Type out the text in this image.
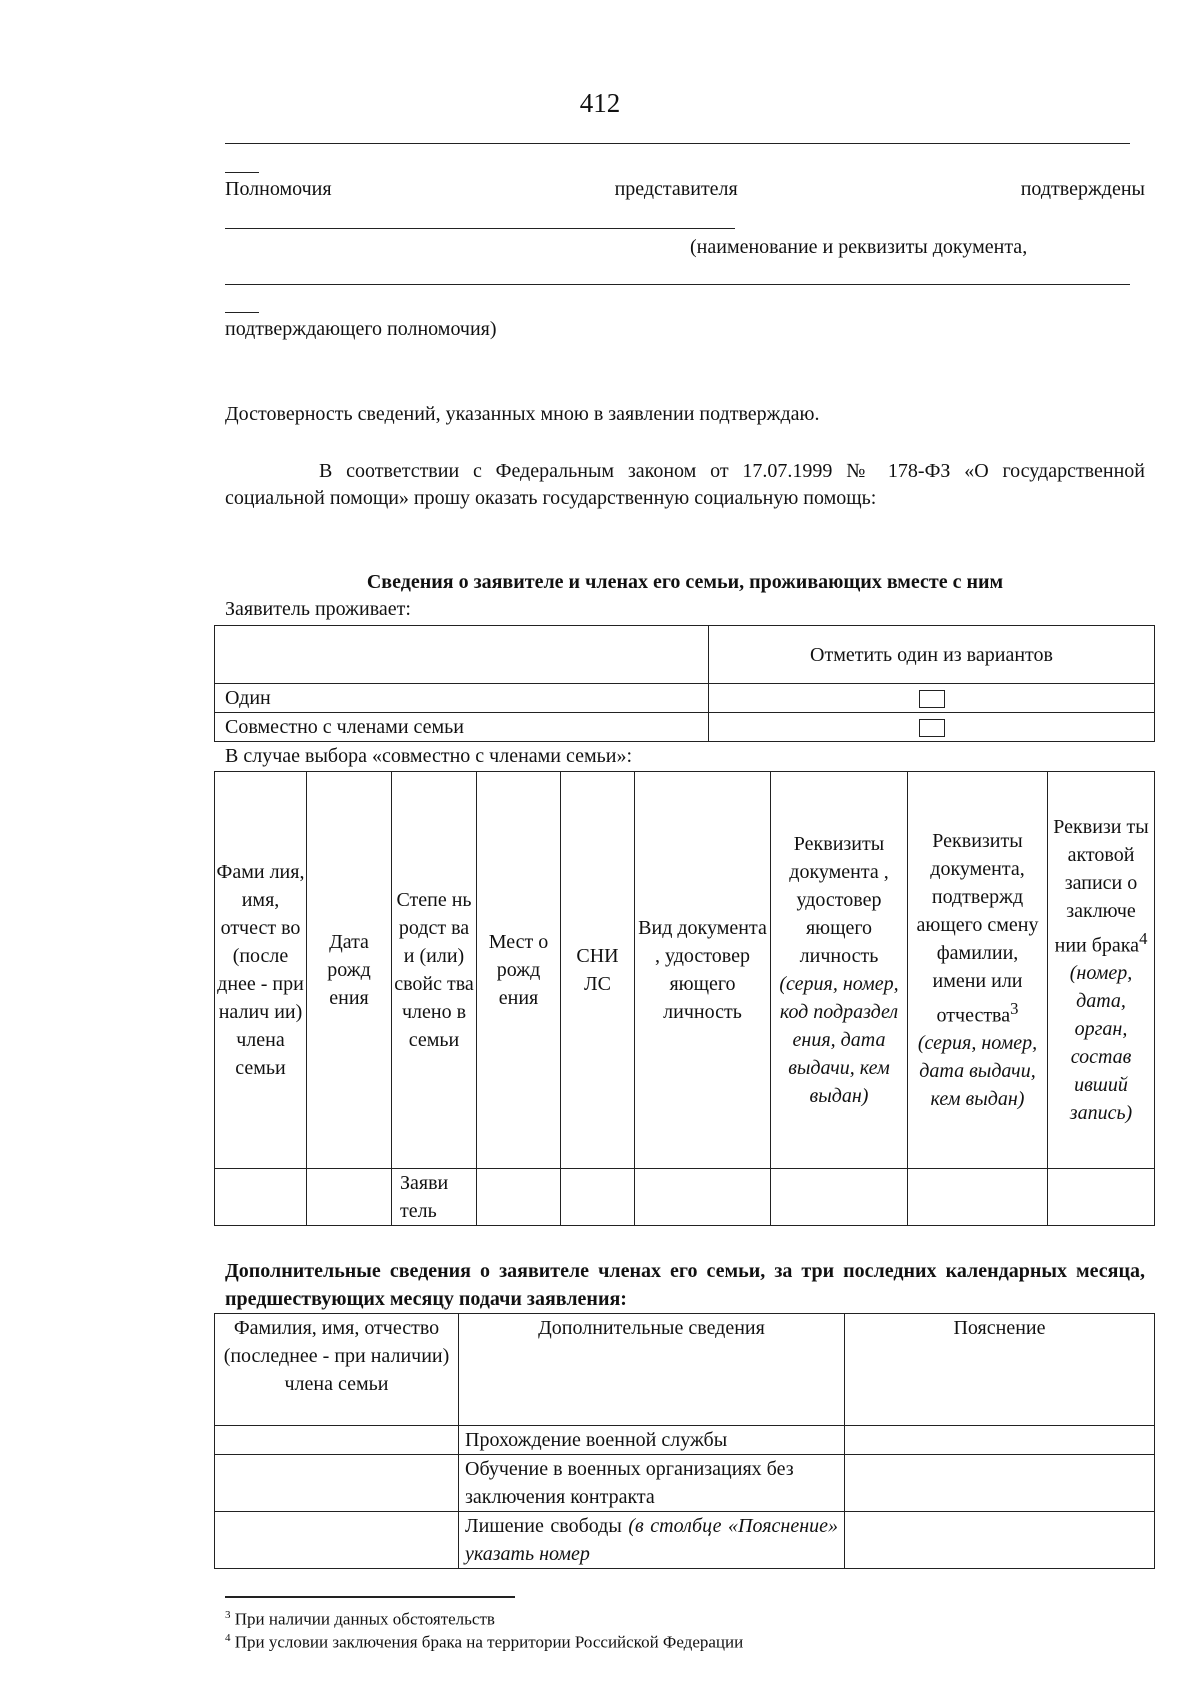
412
Полномочия	представителя	подтверждены
(наименование и реквизиты документа,
подтверждающего полномочия)
Достоверность сведений, указанных мною в заявлении подтверждаю.
В соответствии с Федеральным законом от 17.07.1999 № 178-ФЗ «О государственной социальной помощи» прошу оказать государственную социальную помощь:
Сведения о заявителе и членах его семьи, проживающих вместе с ним
Заявитель проживает:
	Отметить один из вариантов
Один	
Совместно с членами семьи	
В случае выбора «совместно с членами семьи»:
Фами лия, имя, отчест во (после днее - при налич ии) члена семьи	Дата рожд ения	Степе нь родст ва и (или) свойс тва члено в семьи	Мест о рожд ения	СНИ ЛС	Вид документа , удостовер яющего личность	Реквизиты документа , удостовер яющего личность (серия, номер, код подраздел ения, дата выдачи, кем выдан)	Реквизиты документа, подтвержд ающего смену фамилии, имени или отчества$^3$ (серия, номер, дата выдачи, кем выдан)	Реквизи ты актовой записи о заключе нии брака$^4$ (номер, дата, орган, состав ивший запись)
		Заяви тель						
Дополнительные сведения о заявителе членах его семьи, за три последних календарных месяца, предшествующих месяцу подачи заявления:
Фамилия, имя, отчество (последнее - при наличии) члена семьи	Дополнительные сведения	Пояснение
	Прохождение военной службы	
	Обучение в военных организациях без заключения контракта	
	Лишение свободы (в столбце «Пояснение» указать номер	
$^3$ При наличии данных обстоятельств
$^4$ При условии заключения брака на территории Российской Федерации
